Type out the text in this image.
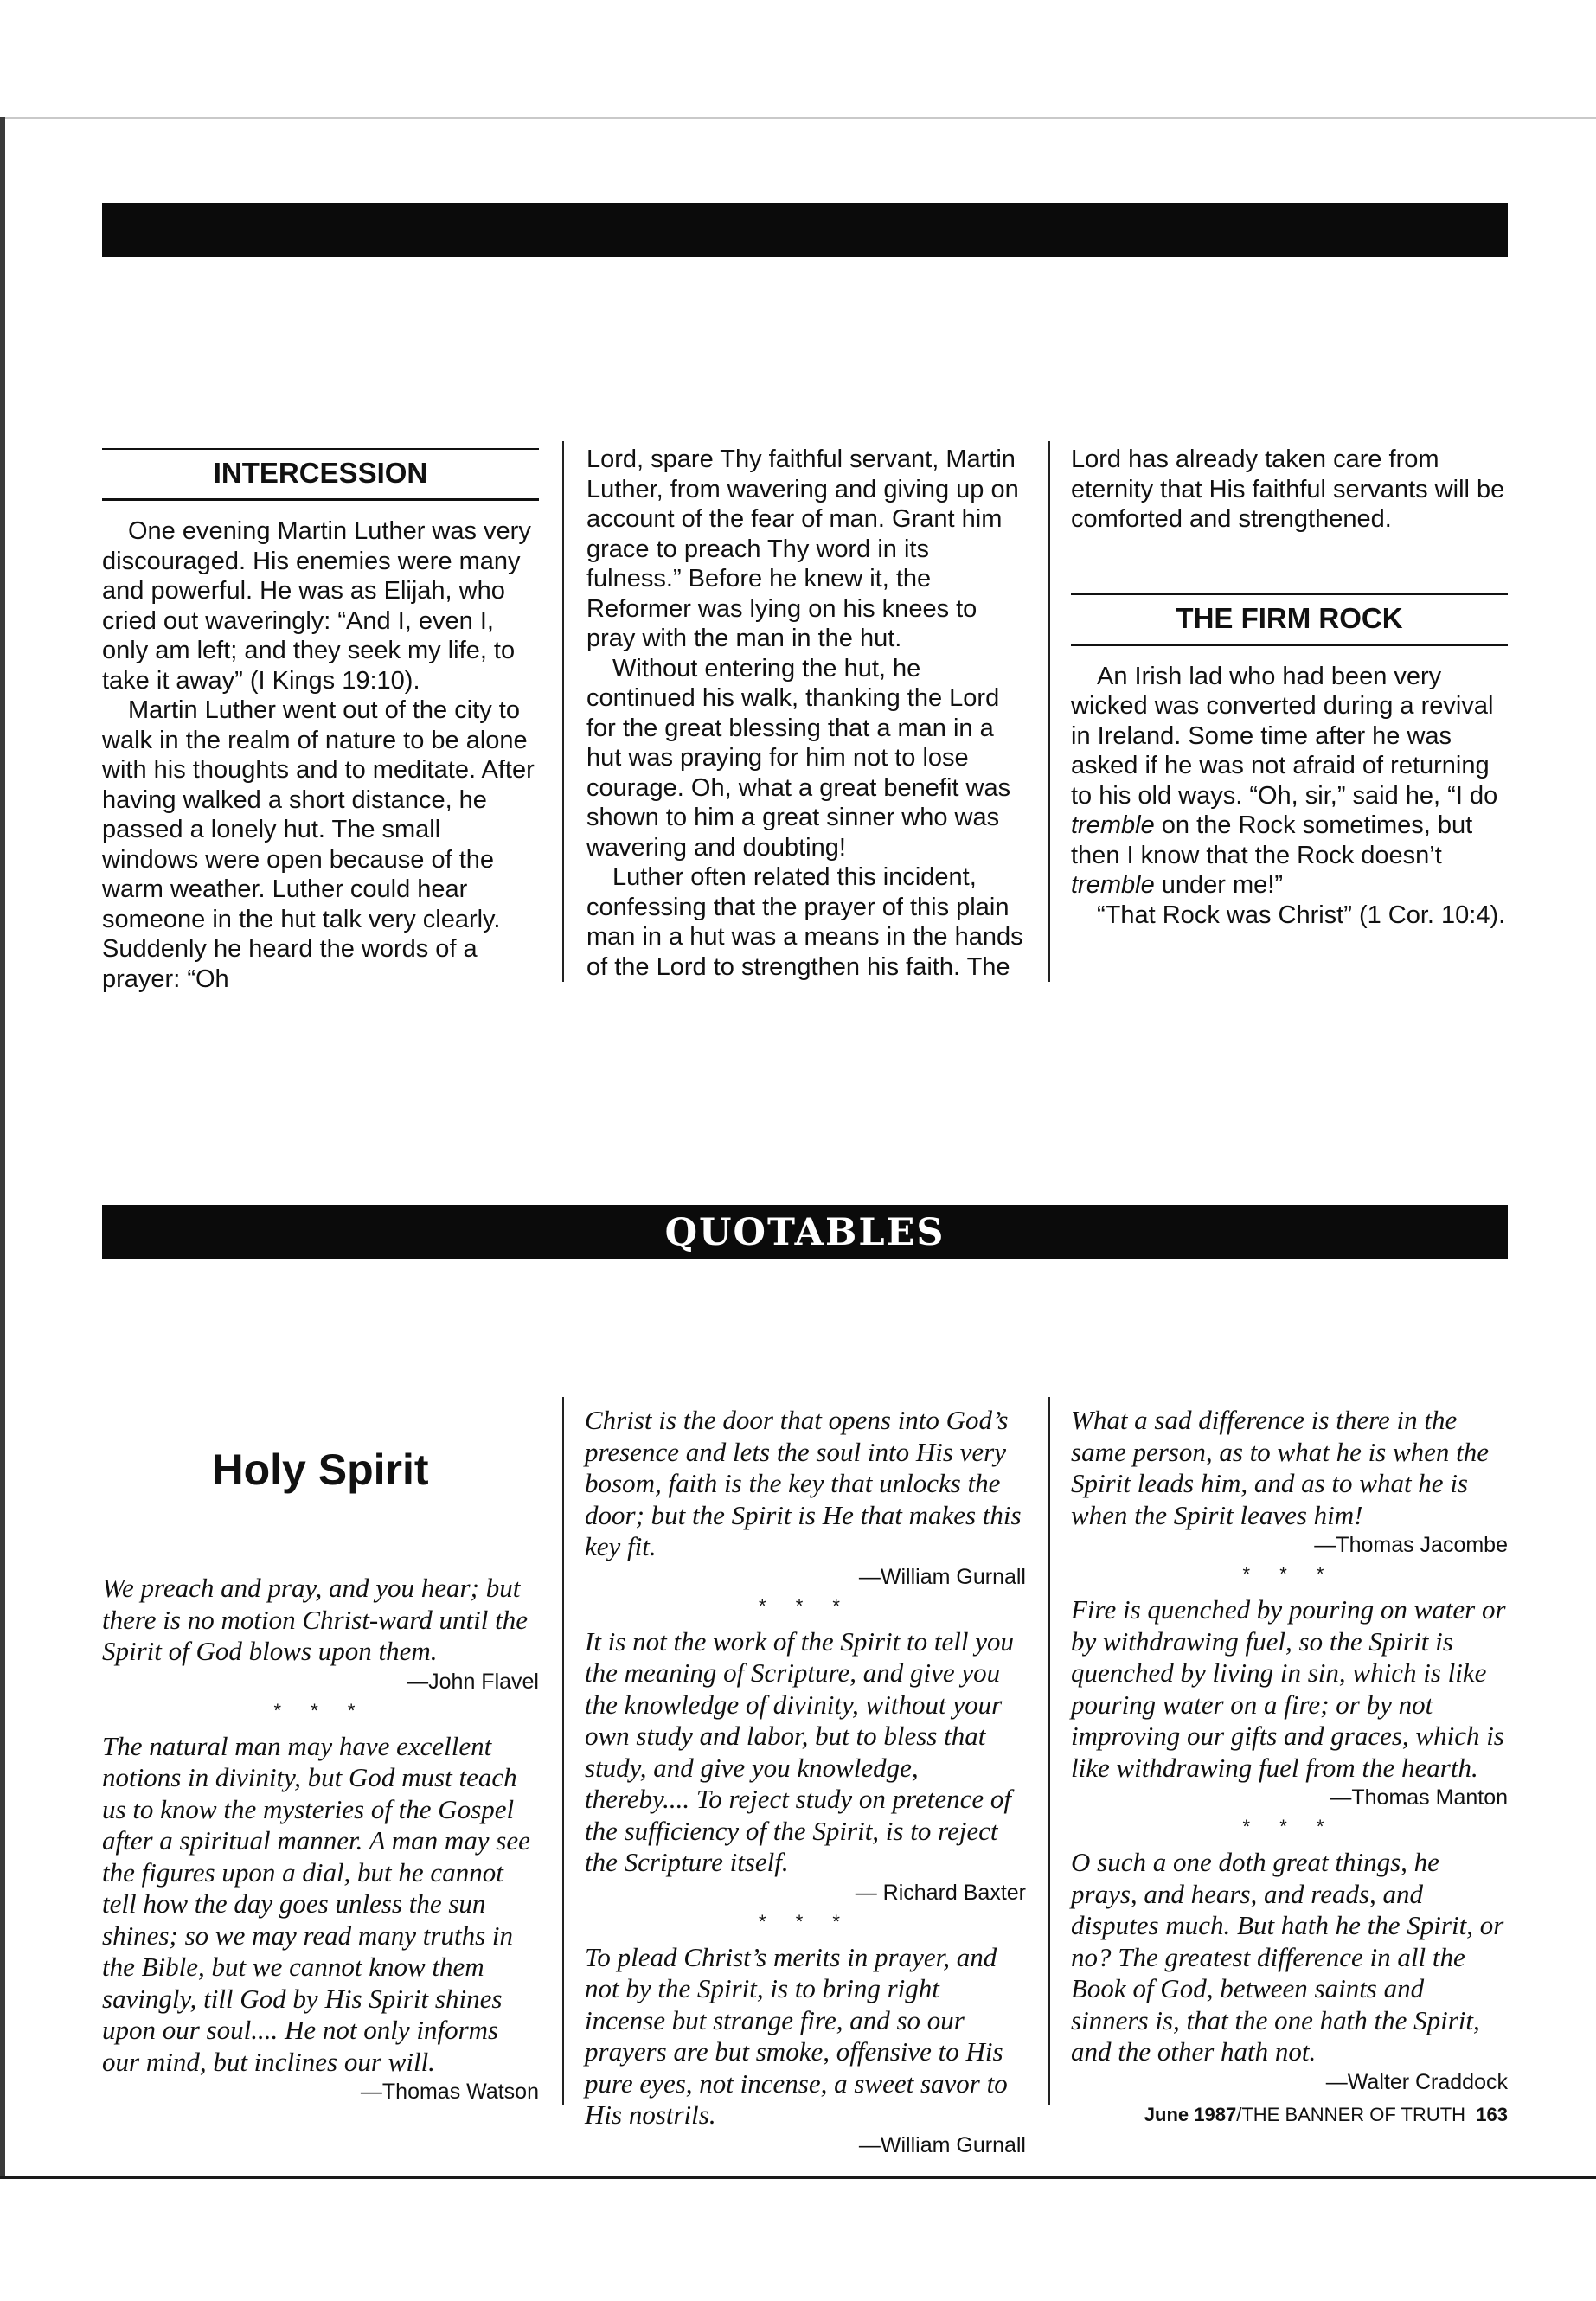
INTERCESSION

One evening Martin Luther was very discouraged. His enemies were many and powerful. He was as Elijah, who cried out waveringly: “And I, even I, only am left; and they seek my life, to take it away” (I Kings 19:10).

Martin Luther went out of the city to walk in the realm of nature to be alone with his thoughts and to meditate. After having walked a short distance, he passed a lonely hut. The small windows were open because of the warm weather. Luther could hear someone in the hut talk very clearly. Suddenly he heard the words of a prayer: “Oh

Lord, spare Thy faithful servant, Martin Luther, from wavering and giving up on account of the fear of man. Grant him grace to preach Thy word in its fulness.” Before he knew it, the Reformer was lying on his knees to pray with the man in the hut.

Without entering the hut, he continued his walk, thanking the Lord for the great blessing that a man in a hut was praying for him not to lose courage. Oh, what a great benefit was shown to him a great sinner who was wavering and doubting!

Luther often related this incident, confessing that the prayer of this plain man in a hut was a means in the hands of the Lord to strengthen his faith. The

Lord has already taken care from eternity that His faithful servants will be comforted and strengthened.

THE FIRM ROCK

An Irish lad who had been very wicked was converted during a revival in Ireland. Some time after he was asked if he was not afraid of returning to his old ways. “Oh, sir,” said he, “I do tremble on the Rock sometimes, but then I know that the Rock doesn’t tremble under me!”

“That Rock was Christ” (1 Cor. 10:4).

QUOTABLES
Holy Spirit

We preach and pray, and you hear; but there is no motion Christ-ward until the Spirit of God blows upon them.

—John Flavel

* * *

The natural man may have excellent notions in divinity, but God must teach us to know the mysteries of the Gospel after a spiritual manner. A man may see the figures upon a dial, but he cannot tell how the day goes unless the sun shines; so we may read many truths in the Bible, but we cannot know them savingly, till God by His Spirit shines upon our soul.... He not only informs our mind, but inclines our will.

—Thomas Watson

Christ is the door that opens into God’s presence and lets the soul into His very bosom, faith is the key that unlocks the door; but the Spirit is He that makes this key fit.

—William Gurnall

* * *

It is not the work of the Spirit to tell you the meaning of Scripture, and give you the knowledge of divinity, without your own study and labor, but to bless that study, and give you knowledge, thereby.... To reject study on pretence of the sufficiency of the Spirit, is to reject the Scripture itself.

— Richard Baxter

* * *

To plead Christ’s merits in prayer, and not by the Spirit, is to bring right incense but strange fire, and so our prayers are but smoke, offensive to His pure eyes, not incense, a sweet savor to His nostrils.

—William Gurnall

What a sad difference is there in the same person, as to what he is when the Spirit leads him, and as to what he is when the Spirit leaves him!

—Thomas Jacombe

* * *

Fire is quenched by pouring on water or by withdrawing fuel, so the Spirit is quenched by living in sin, which is like pouring water on a fire; or by not improving our gifts and graces, which is like withdrawing fuel from the hearth.

—Thomas Manton

* * *

O such a one doth great things, he prays, and hears, and reads, and disputes much. But hath he the Spirit, or no? The greatest difference in all the Book of God, between saints and sinners is, that the one hath the Spirit, and the other hath not.

—Walter Craddock

June 1987/THE BANNER OF TRUTH 163
